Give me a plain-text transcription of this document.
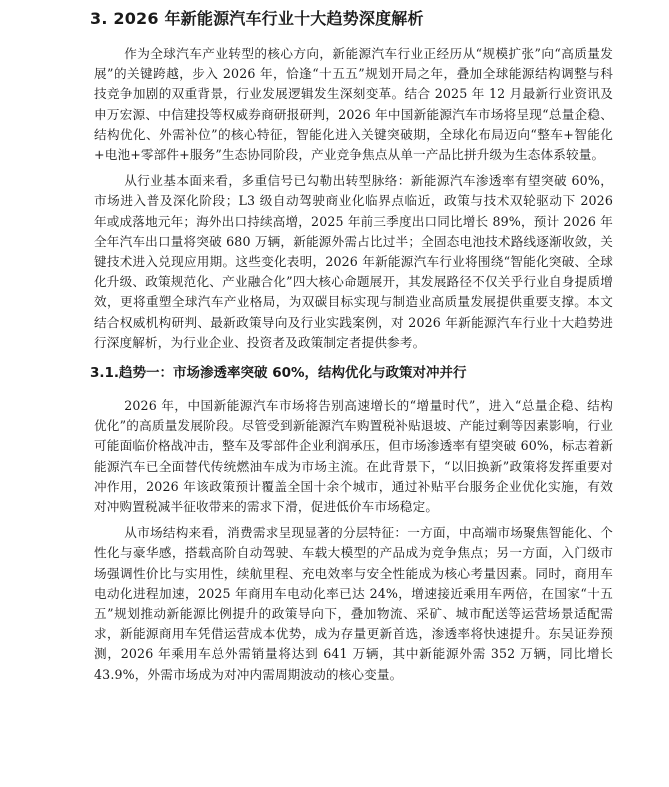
3. 2026 年新能源汽车行业十大趋势深度解析

作为全球汽车产业转型的核心方向，新能源汽车行业正经历从“规模扩张”向“高质量发展”的关键跨越，步入 2026 年，恰逢“十五五”规划开局之年，叠加全球能源结构调整与科技竞争加剧的双重背景，行业发展逻辑发生深刻变革。结合 2025 年 12 月最新行业资讯及申万宏源、中信建投等权威券商研报研判，2026 年中国新能源汽车市场将呈现“总量企稳、结构优化、外需补位”的核心特征，智能化进入关键突破期，全球化布局迈向“整车+智能化+电池+零部件+服务”生态协同阶段，产业竞争焦点从单一产品比拼升级为生态体系较量。

从行业基本面来看，多重信号已勾勒出转型脉络：新能源汽车渗透率有望突破 60%，市场进入普及深化阶段；L3 级自动驾驶商业化临界点临近，政策与技术双轮驱动下 2026 年或成落地元年；海外出口持续高增，2025 年前三季度出口同比增长 89%，预计 2026 年全年汽车出口量将突破 680 万辆，新能源外需占比过半；全固态电池技术路线逐渐收敛，关键技术进入兑现应用期。这些变化表明，2026 年新能源汽车行业将围绕“智能化突破、全球化升级、政策规范化、产业融合化”四大核心命题展开，其发展路径不仅关乎行业自身提质增效，更将重塑全球汽车产业格局，为双碳目标实现与制造业高质量发展提供重要支撑。本文结合权威机构研判、最新政策导向及行业实践案例，对 2026 年新能源汽车行业十大趋势进行深度解析，为行业企业、投资者及政策制定者提供参考。

3.1.趋势一：市场渗透率突破 60%，结构优化与政策对冲并行

2026 年，中国新能源汽车市场将告别高速增长的“增量时代”，进入“总量企稳、结构优化”的高质量发展阶段。尽管受到新能源汽车购置税补贴退坡、产能过剩等因素影响，行业可能面临价格战冲击，整车及零部件企业利润承压，但市场渗透率有望突破 60%，标志着新能源汽车已全面替代传统燃油车成为市场主流。在此背景下，“以旧换新”政策将发挥重要对冲作用，2026 年该政策预计覆盖全国十余个城市，通过补贴平台服务企业优化实施，有效对冲购置税减半征收带来的需求下滑，促进低价车市场稳定。

从市场结构来看，消费需求呈现显著的分层特征：一方面，中高端市场聚焦智能化、个性化与豪华感，搭载高阶自动驾驶、车载大模型的产品成为竞争焦点；另一方面，入门级市场强调性价比与实用性，续航里程、充电效率与安全性能成为核心考量因素。同时，商用车电动化进程加速，2025 年商用车电动化率已达 24%，增速接近乘用车两倍，在国家“十五五”规划推动新能源比例提升的政策导向下，叠加物流、采矿、城市配送等运营场景适配需求，新能源商用车凭借运营成本优势，成为存量更新首选，渗透率将快速提升。东吴证券预测，2026 年乘用车总外需销量将达到 641 万辆，其中新能源外需 352 万辆，同比增长 43.9%，外需市场成为对冲内需周期波动的核心变量。
